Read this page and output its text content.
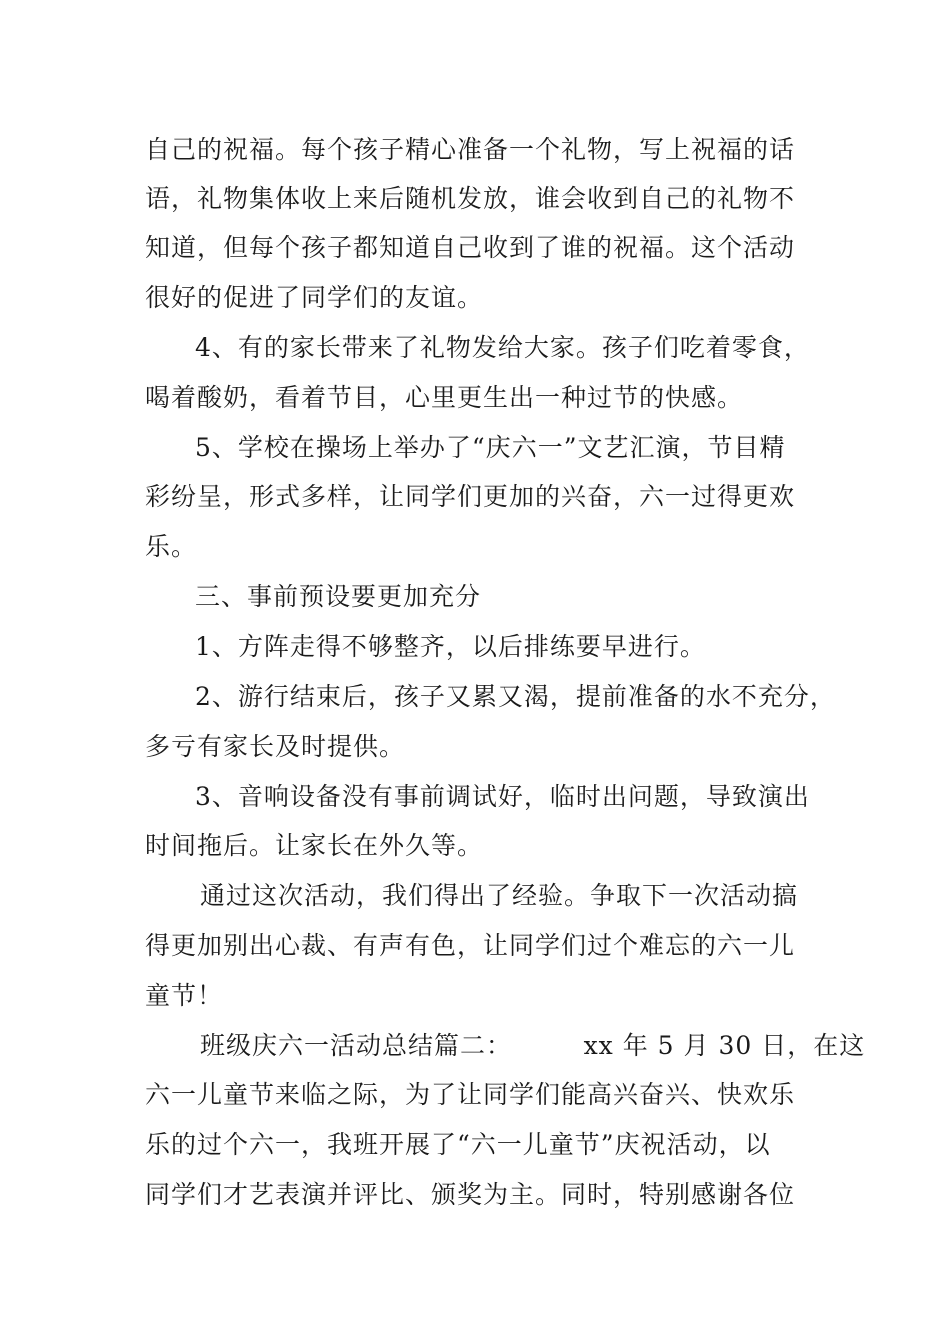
自己的祝福。每个孩子精心准备一个礼物，写上祝福的话
语，礼物集体收上来后随机发放，谁会收到自己的礼物不
知道，但每个孩子都知道自己收到了谁的祝福。这个活动
很好的促进了同学们的友谊。
4、有的家长带来了礼物发给大家。孩子们吃着零食，
喝着酸奶，看着节目，心里更生出一种过节的快感。
5、学校在操场上举办了“庆六一”文艺汇演，节目精
彩纷呈，形式多样，让同学们更加的兴奋，六一过得更欢
乐。
三、事前预设要更加充分
1、方阵走得不够整齐，以后排练要早进行。
2、游行结束后，孩子又累又渴，提前准备的水不充分，
多亏有家长及时提供。
3、音响设备没有事前调试好，临时出问题，导致演出
时间拖后。让家长在外久等。
通过这次活动，我们得出了经验。争取下一次活动搞
得更加别出心裁、有声有色，让同学们过个难忘的六一儿
童节！
班级庆六一活动总结篇二：        xx 年 5 月 30 日，在这
六一儿童节来临之际，为了让同学们能高兴奋兴、快欢乐
乐的过个六一，我班开展了“六一儿童节”庆祝活动，以
同学们才艺表演并评比、颁奖为主。同时，特别感谢各位
